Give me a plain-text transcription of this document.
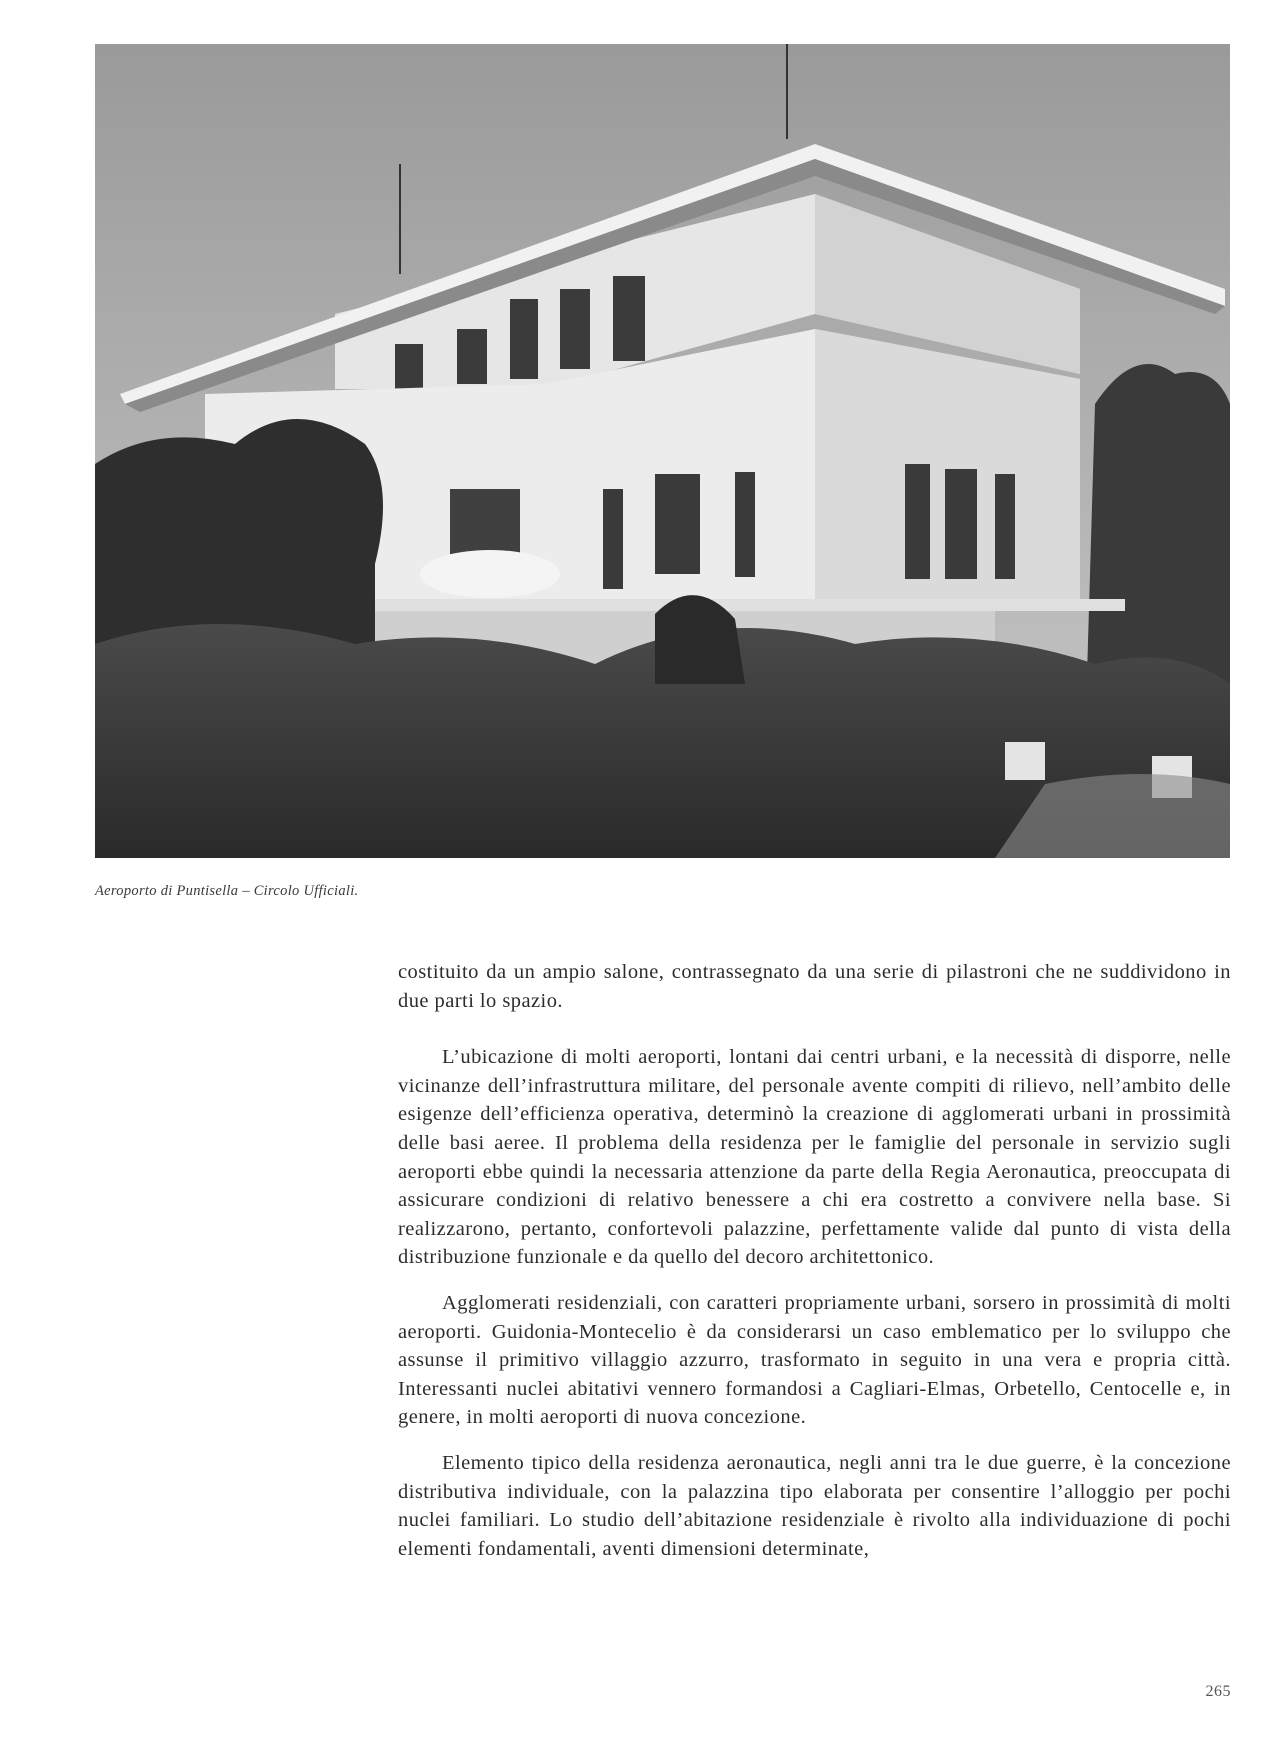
Aeroporto di Puntisella – Circolo Ufficiali.

costituito da un ampio salone, contrassegnato da una serie di pilastroni che ne suddividono in due parti lo spazio.

L’ubicazione di molti aeroporti, lontani dai centri urbani, e la necessità di disporre, nelle vicinanze dell’infrastruttura militare, del personale avente compiti di rilievo, nell’ambito delle esigenze dell’efficienza operativa, determinò la creazione di agglomerati urbani in prossimità delle basi aeree. Il problema della residenza per le famiglie del personale in servizio sugli aeroporti ebbe quindi la necessaria attenzione da parte della Regia Aeronautica, preoccupata di assicurare condizioni di relativo benessere a chi era costretto a convivere nella base. Si realizzarono, pertanto, confortevoli palazzine, perfettamente valide dal punto di vista della distribuzione funzionale e da quello del decoro architettonico.

Agglomerati residenziali, con caratteri propriamente urbani, sorsero in prossimità di molti aeroporti. Guidonia-Montecelio è da considerarsi un caso emblematico per lo sviluppo che assunse il primitivo villaggio azzurro, trasformato in seguito in una vera e propria città. Interessanti nuclei abitativi vennero formandosi a Cagliari-Elmas, Orbetello, Centocelle e, in genere, in molti aeroporti di nuova concezione.

Elemento tipico della residenza aeronautica, negli anni tra le due guerre, è la concezione distributiva individuale, con la palazzina tipo elaborata per consentire l’alloggio per pochi nuclei familiari. Lo studio dell’abitazione residenziale è rivolto alla individuazione di pochi elementi fondamentali, aventi dimensioni determinate,

265
